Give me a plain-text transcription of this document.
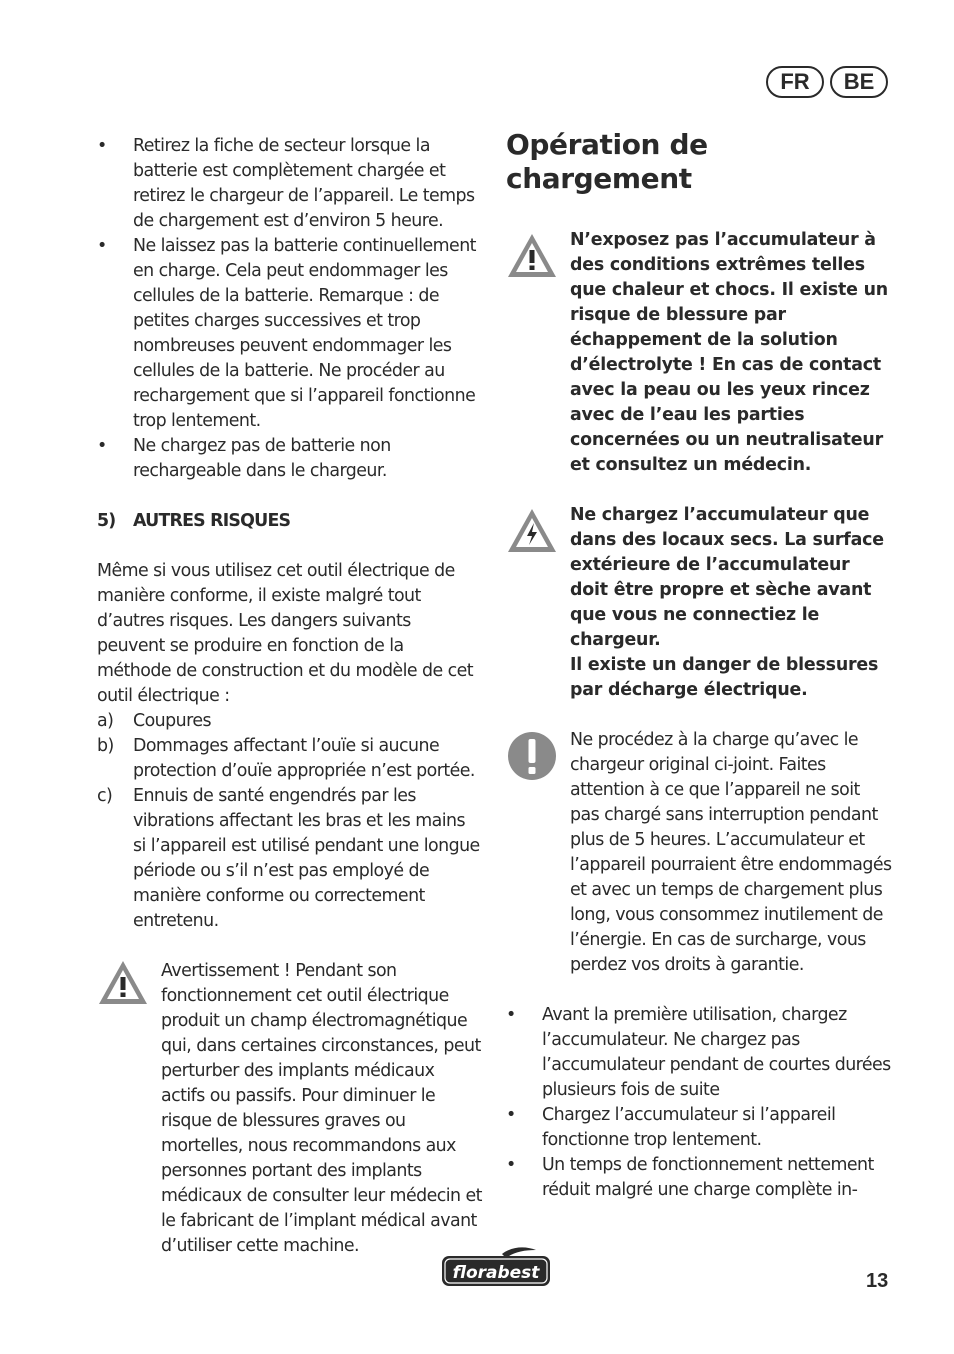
FR	BE
• Retirez la fiche de secteur lorsque la batterie est complètement chargée et retirez le chargeur de l’appareil. Le temps de chargement est d’environ 5 heure.
• Ne laissez pas la batterie continuellement en charge. Cela peut endommager les cellules de la batterie. Remarque : de petites charges successives et trop nombreuses peuvent endommager les cellules de la batterie. Ne procéder au rechargement que si l’appareil fonctionne trop lentement.
• Ne chargez pas de batterie non rechargeable dans le chargeur.
5) AUTRES RISQUES

Même si vous utilisez cet outil électrique de manière conforme, il existe malgré tout d’autres risques. Les dangers suivants peuvent se produire en fonction de la méthode de construction et du modèle de cet outil électrique :

a) Coupures
b) Dommages affectant l’ouïe si aucune protection d’ouïe appropriée n’est portée.
c) Ennuis de santé engendrés par les vibrations affectant les bras et les mains si l’appareil est utilisé pendant une longue période ou s’il n’est pas employé de manière conforme ou correctement entretenu.

Avertissement ! Pendant son fonctionnement cet outil électrique produit un champ électromagnétique qui, dans certaines circonstances, peut perturber des implants médicaux actifs ou passifs. Pour diminuer le risque de blessures graves ou mortelles, nous recommandons aux personnes portant des implants médicaux de consulter leur médecin et le fabricant de l’implant médical avant d’utiliser cette machine.

Opération de chargement

N’exposez pas l’accumulateur à des conditions extrêmes telles que chaleur et chocs. Il existe un risque de blessure par échappement de la solution d’électrolyte ! En cas de contact avec la peau ou les yeux rincez avec de l’eau les parties concernées ou un neutralisateur et consultez un médecin.

Ne chargez l’accumulateur que dans des locaux secs. La surface extérieure de l’accumulateur doit être propre et sèche avant que vous ne connectiez le chargeur.

Il existe un danger de blessures par décharge électrique.

Ne procédez à la charge qu’avec le chargeur original ci-joint. Faites attention à ce que l’appareil ne soit pas chargé sans interruption pendant plus de 5 heures. L’accumulateur et l’appareil pourraient être endommagés et avec un temps de chargement plus long, vous consommez inutilement de l’énergie. En cas de surcharge, vous perdez vos droits à garantie.

• Avant la première utilisation, chargez l’accumulateur. Ne chargez pas l’accumulateur pendant de courtes durées plusieurs fois de suite
• Chargez l’accumulateur si l’appareil fonctionne trop lentement.
• Un temps de fonctionnement nettement réduit malgré une charge complète in-
florabest	13
